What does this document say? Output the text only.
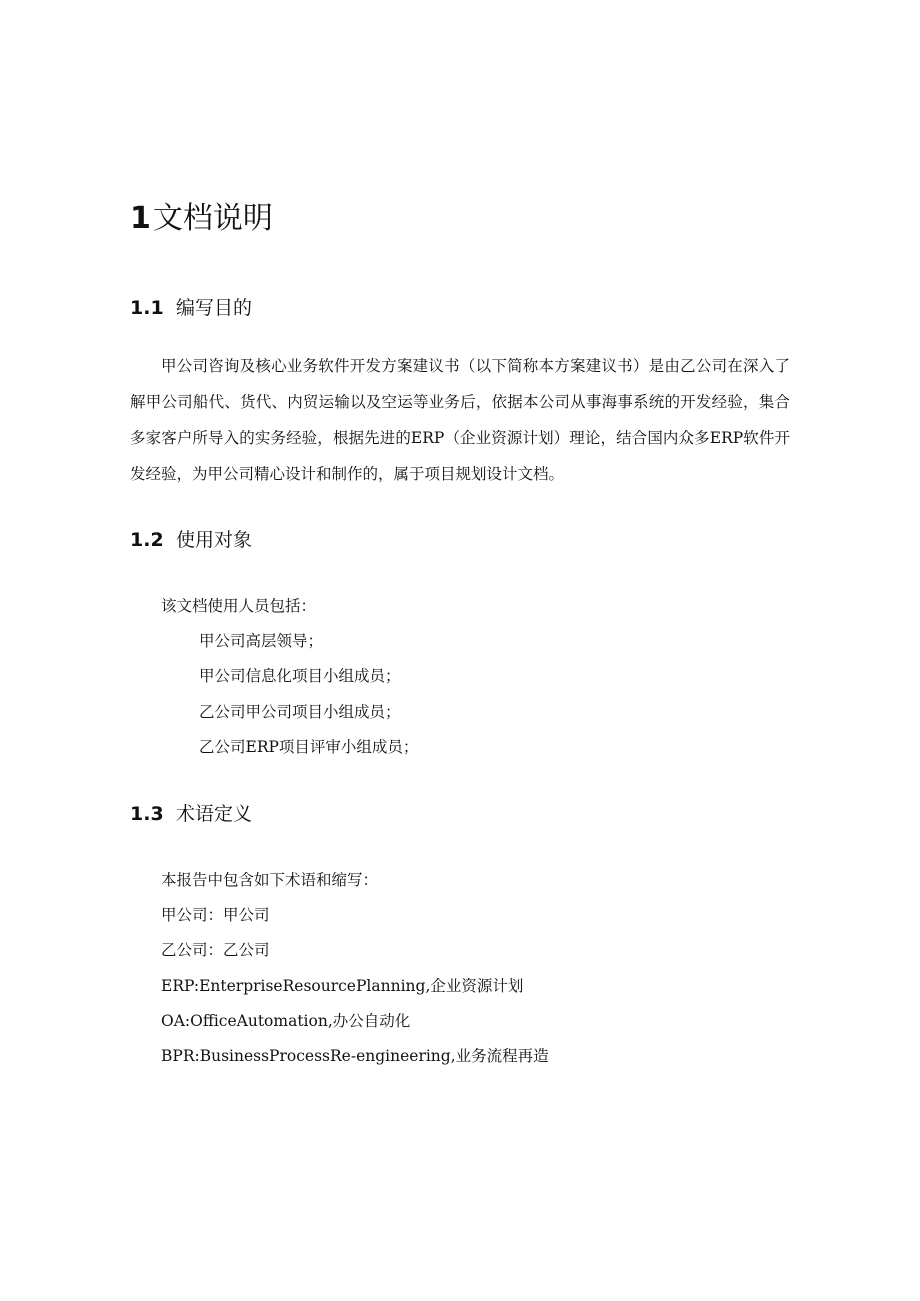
1文档说明
1.1 编写目的

甲公司咨询及核心业务软件开发方案建议书（以下简称本方案建议书）是由乙公司在深入了解甲公司船代、货代、内贸运输以及空运等业务后，依据本公司从事海事系统的开发经验，集合多家客户所导入的实务经验，根据先进的ERP（企业资源计划）理论，结合国内众多ERP软件开发经验，为甲公司精心设计和制作的，属于项目规划设计文档。

1.2 使用对象

该文档使用人员包括：

甲公司高层领导；

甲公司信息化项目小组成员；

乙公司甲公司项目小组成员；

乙公司ERP项目评审小组成员；

1.3 术语定义

本报告中包含如下术语和缩写：

甲公司：甲公司

乙公司：乙公司

ERP:EnterpriseResourcePlanning,企业资源计划

OA:OfficeAutomation,办公自动化

BPR:BusinessProcessRe-engineering,业务流程再造
